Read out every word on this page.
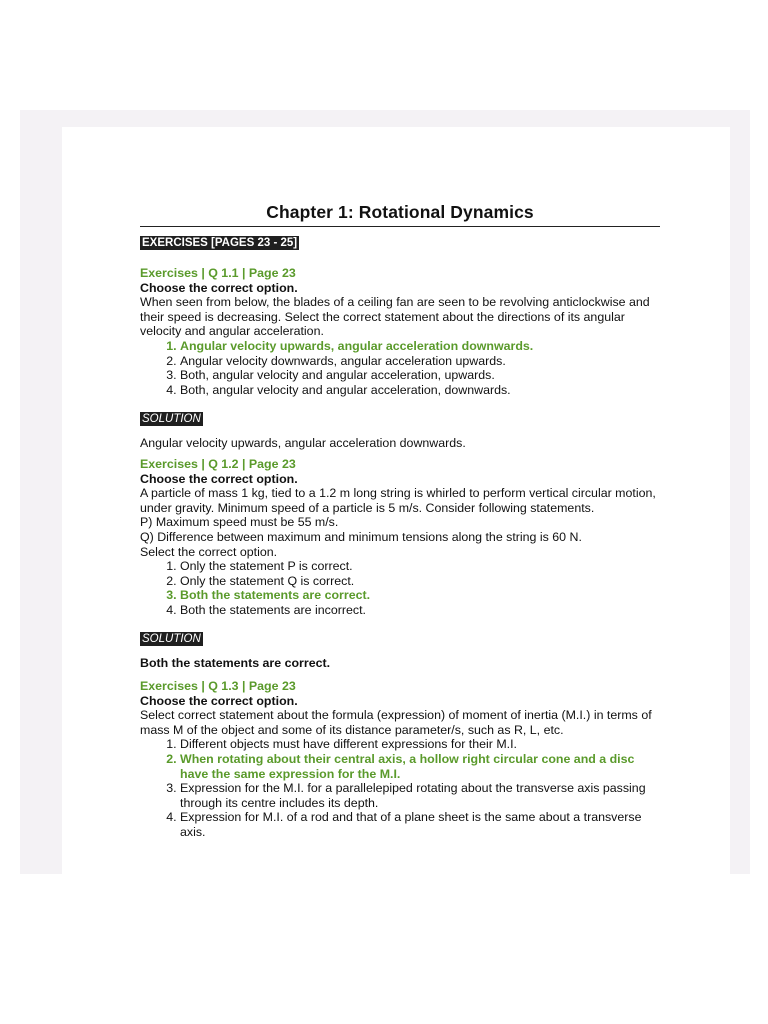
Chapter 1: Rotational Dynamics
EXERCISES [PAGES 23 - 25]
Exercises | Q 1.1 | Page 23
Choose the correct option.

When seen from below, the blades of a ceiling fan are seen to be revolving anticlockwise and their speed is decreasing. Select the correct statement about the directions of its angular velocity and angular acceleration.

1. Angular velocity upwards, angular acceleration downwards.
2. Angular velocity downwards, angular acceleration upwards.
3. Both, angular velocity and angular acceleration, upwards.
4. Both, angular velocity and angular acceleration, downwards.
SOLUTION
Angular velocity upwards, angular acceleration downwards.
Exercises | Q 1.2 | Page 23
Choose the correct option.

A particle of mass 1 kg, tied to a 1.2 m long string is whirled to perform vertical circular motion, under gravity. Minimum speed of a particle is 5 m/s. Consider following statements.

P) Maximum speed must be 55 m/s.
Q) Difference between maximum and minimum tensions along the string is 60 N.
Select the correct option.
1. Only the statement P is correct.
2. Only the statement Q is correct.
3. Both the statements are correct.
4. Both the statements are incorrect.
SOLUTION
Both the statements are correct.
Exercises | Q 1.3 | Page 23
Choose the correct option.

Select correct statement about the formula (expression) of moment of inertia (M.I.) in terms of mass M of the object and some of its distance parameter/s, such as R, L, etc.

1. Different objects must have different expressions for their M.I.
2. When rotating about their central axis, a hollow right circular cone and a disc have the same expression for the M.I.
3. Expression for the M.I. for a parallelepiped rotating about the transverse axis passing through its centre includes its depth.
4. Expression for M.I. of a rod and that of a plane sheet is the same about a transverse axis.
